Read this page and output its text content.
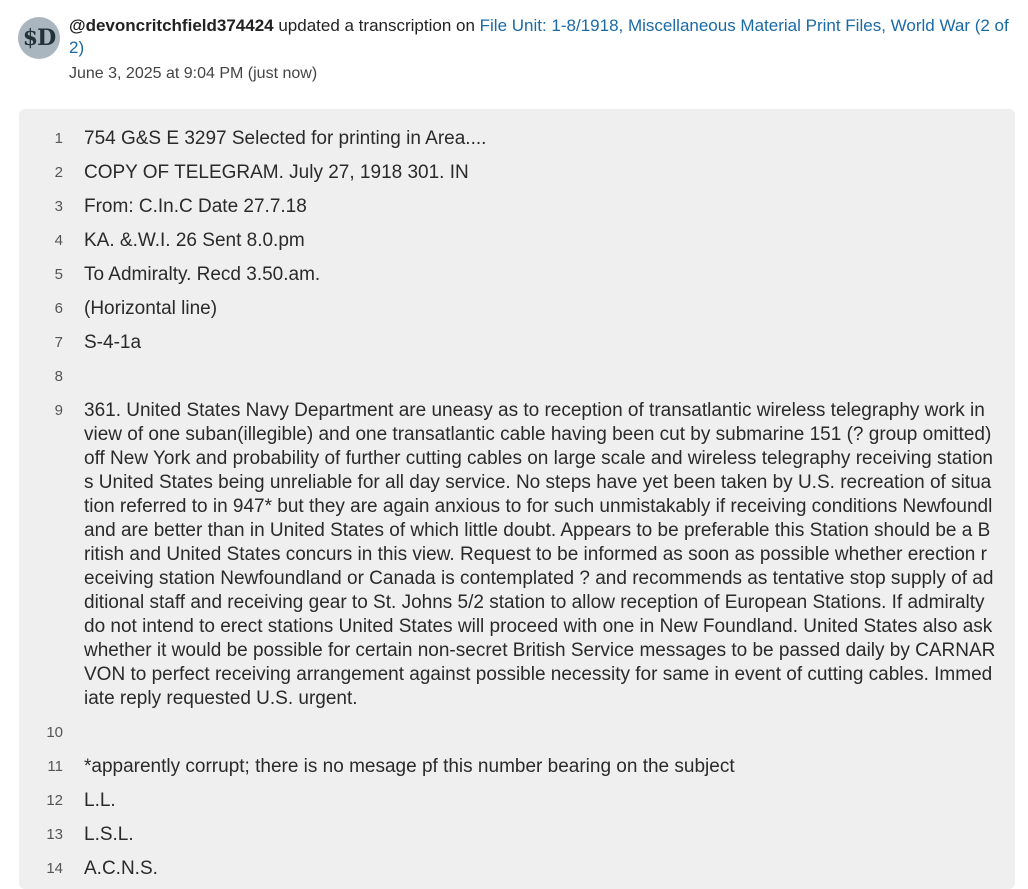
$D @devoncritchfield374424 updated a transcription on File Unit: 1-8/1918, Miscellaneous Material Print Files, World War (2 of 2)
June 3, 2025 at 9:04 PM (just now)
1 754 G&S E 3297 Selected for printing in Area....
2 COPY OF TELEGRAM. July 27, 1918 301. IN
3 From: C.In.C Date 27.7.18
4 KA. &.W.I. 26 Sent 8.0.pm
5 To Admiralty. Recd 3.50.am.
6 (Horizontal line)
7 S-4-1a
8
9 361. United States Navy Department are uneasy as to reception of transatlantic wireless telegraphy work in view of one suban(illegible) and one transatlantic cable having been cut by submarine 151 (? group omitted) off New York and probability of further cutting cables on large scale and wireless telegraphy receiving stations United States being unreliable for all day service. No steps have yet been taken by U.S. recreation of situation referred to in 947* but they are again anxious to for such unmistakably if receiving conditions Newfoundland are better than in United States of which little doubt. Appears to be preferable this Station should be a British and United States concurs in this view. Request to be informed as soon as possible whether erection receiving station Newfoundland or Canada is contemplated ? and recommends as tentative stop supply of additional staff and receiving gear to St. Johns 5/2 station to allow reception of European Stations. If admiralty do not intend to erect stations United States will proceed with one in New Foundland. United States also ask whether it would be possible for certain non-secret British Service messages to be passed daily by CARNARVON to perfect receiving arrangement against possible necessity for same in event of cutting cables. Immediate reply requested U.S. urgent.
10
11 *apparently corrupt; there is no mesage pf this number bearing on the subject
12 L.L.
13 L.S.L.
14 A.C.N.S.
